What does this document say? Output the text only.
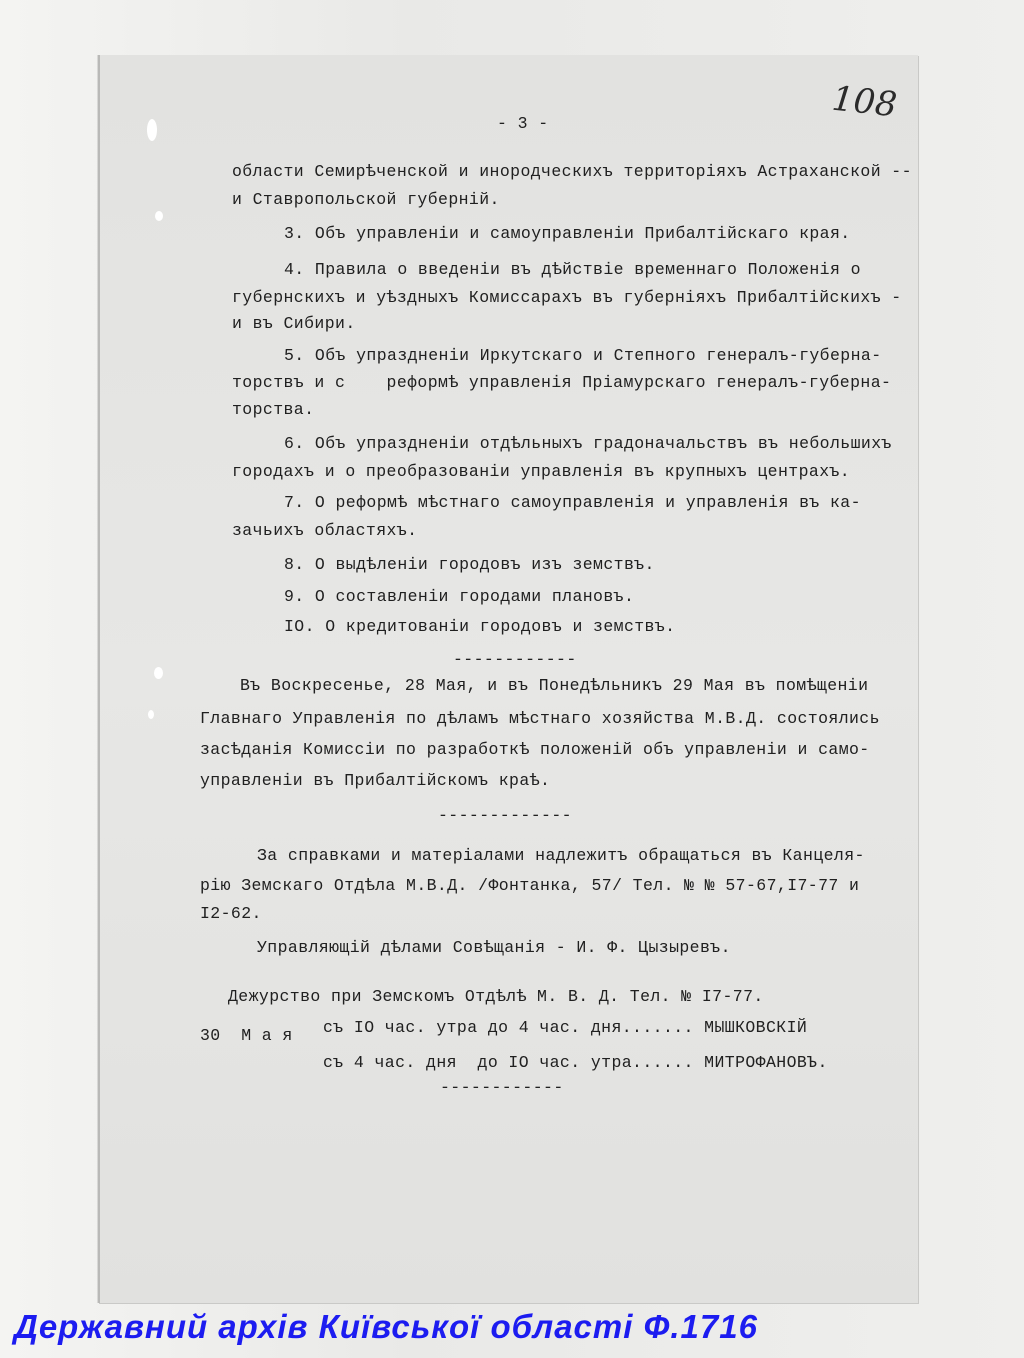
108
- 3 -
области Семирѣченской и инородческихъ территоріяхъ Астраханской --
и Ставропольской губерній.
3. Объ управленіи и самоуправленіи Прибалтійскаго края.
4. Правила о введеніи въ дѣйствіе временнаго Положенія о
губернскихъ и уѣздныхъ Комиссарахъ въ губерніяхъ Прибалтійскихъ -
и въ Сибири.
5. Объ упраздненіи Иркутскаго и Степного генералъ-губерна-
торствъ и с    реформѣ управленія Пріамурскаго генералъ-губерна-
торства.
6. Объ упраздненіи отдѣльныхъ градоначальствъ въ небольшихъ
городахъ и о преобразованіи управленія въ крупныхъ центрахъ.
7. О реформѣ мѣстнаго самоуправленія и управленія въ ка-
зачьихъ областяхъ.
8. О выдѣленіи городовъ изъ земствъ.
9. О составленіи городами плановъ.
IO. О кредитованіи городовъ и земствъ.
------------
Въ Воскресенье, 28 Мая, и въ Понедѣльникъ 29 Мая въ помѣщеніи
Главнаго Управленія по дѣламъ мѣстнаго хозяйства М.В.Д. состоялись
засѣданія Комиссіи по разработкѣ положеній объ управленіи и само-
управленіи въ Прибалтійскомъ краѣ.
-------------
За справками и матеріалами надлежитъ обращаться въ Канцеля-
рію Земскаго Отдѣла М.В.Д. /Фонтанка, 57/ Тел. № № 57-67,I7-77 и
I2-62.
Управляющій дѣлами Совѣщанія - И. Ф. Цызыревъ.
Дежурство при Земскомъ Отдѣлѣ М. В. Д. Тел. № I7-77.
30  М а я съ IO час. утра до 4 час. дня....... МЫШКОВСКІЙ
съ 4 час. дня  до IO час. утра...... МИТРОФАНОВЪ.
------------
Державний архів Київської області Ф.1716
